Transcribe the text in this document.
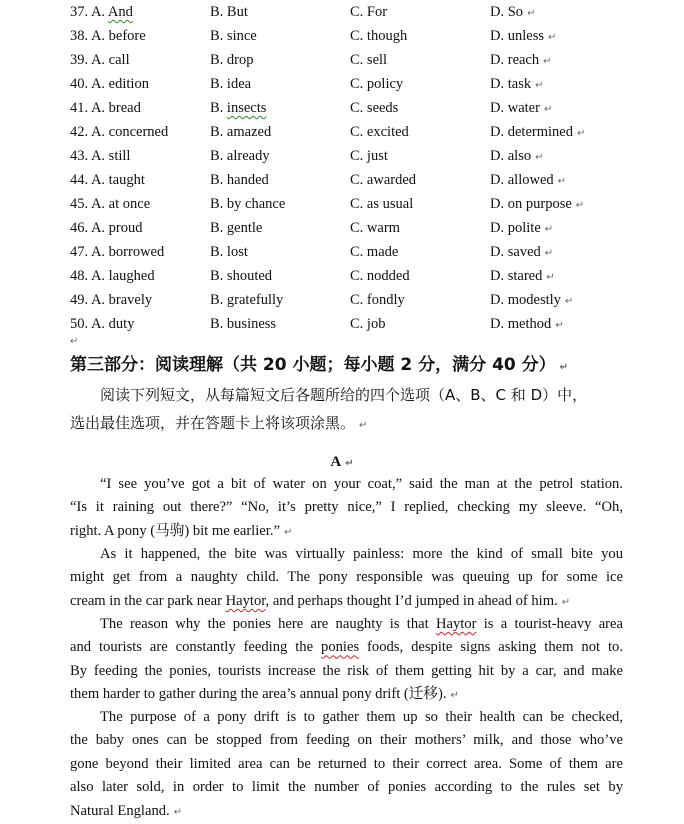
37. A. And	B. But	C. For	D. So ↵
38. A. before	B. since	C. though	D. unless ↵
39. A. call	B. drop	C. sell	D. reach ↵
40. A. edition	B. idea	C. policy	D. task ↵
41. A. bread	B. insects	C. seeds	D. water ↵
42. A. concerned	B. amazed	C. excited	D. determined ↵
43. A. still	B. already	C. just	D. also ↵
44. A. taught	B. handed	C. awarded	D. allowed ↵
45. A. at once	B. by chance	C. as usual	D. on purpose ↵
46. A. proud	B. gentle	C. warm	D. polite ↵
47. A. borrowed	B. lost	C. made	D. saved ↵
48. A. laughed	B. shouted	C. nodded	D. stared ↵
49. A. bravely	B. gratefully	C. fondly	D. modestly ↵
50. A. duty	B. business	C. job	D. method ↵
↵
第三部分：阅读理解（共 20 小题；每小题 2 分，满分 40 分） ↵
阅读下列短文，从每篇短文后各题所给的四个选项（A、B、C 和 D）中，
选出最佳选项，并在答题卡上将该项涂黑。 ↵
A ↵
“I see you’ve got a bit of water on your coat,” said the man at the petrol station.
“Is it raining out there?” “No, it’s pretty nice,” I replied, checking my sleeve. “Oh,
right. A pony (马驹) bit me earlier.” ↵
As it happened, the bite was virtually painless: more the kind of small bite you
might get from a naughty child. The pony responsible was queuing up for some ice
cream in the car park near Haytor, and perhaps thought I’d jumped in ahead of him. ↵
The reason why the ponies here are naughty is that Haytor is a tourist-heavy area
and tourists are constantly feeding the ponies foods, despite signs asking them not to.
By feeding the ponies, tourists increase the risk of them getting hit by a car, and make
them harder to gather during the area’s annual pony drift (迁移). ↵
The purpose of a pony drift is to gather them up so their health can be checked,
the baby ones can be stopped from feeding on their mothers’ milk, and those who’ve
gone beyond their limited area can be returned to their correct area. Some of them are
also later sold, in order to limit the number of ponies according to the rules set by
Natural England. ↵
